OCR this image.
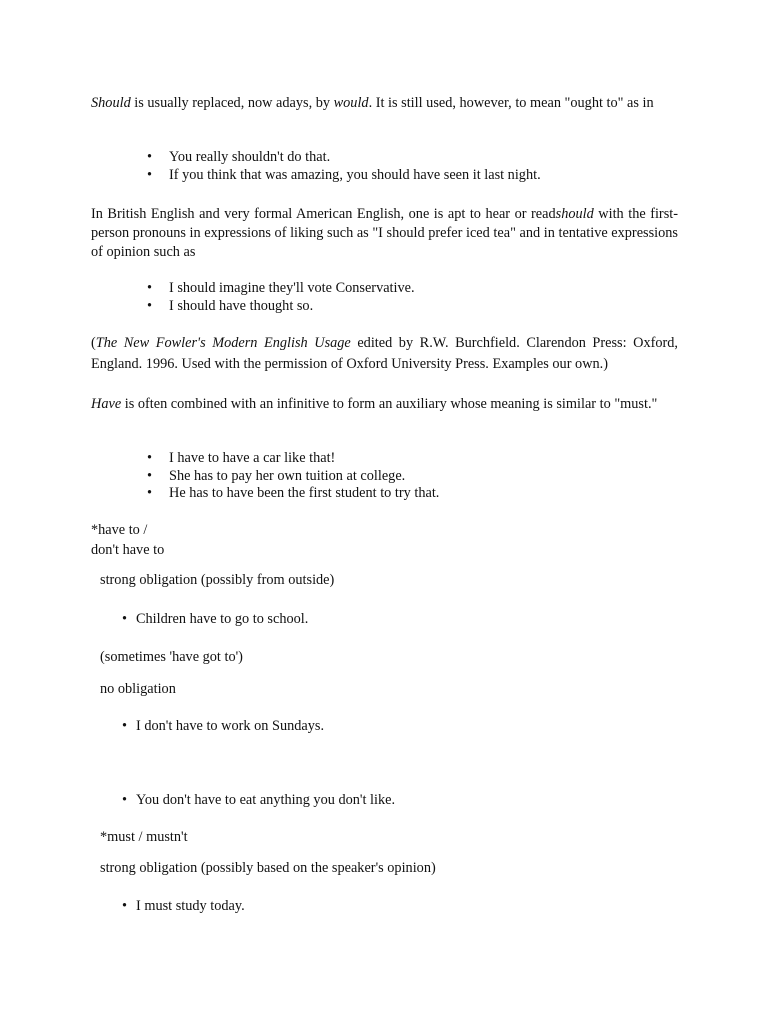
Should is usually replaced, now adays, by would. It is still used, however, to mean "ought to" as in

• You really shouldn't do that.
• If you think that was amazing, you should have seen it last night.

In British English and very formal American English, one is apt to hear or readshould with the first-person pronouns in expressions of liking such as "I should prefer iced tea" and in tentative expressions of opinion such as

• I should imagine they'll vote Conservative.
• I should have thought so.

(The New Fowler's Modern English Usage edited by R.W. Burchfield. Clarendon Press: Oxford, England. 1996. Used with the permission of Oxford University Press. Examples our own.)

Have is often combined with an infinitive to form an auxiliary whose meaning is similar to "must."

• I have to have a car like that!
• She has to pay her own tuition at college.
• He has to have been the first student to try that.

*have to /

don't have to

strong obligation (possibly from outside)

• Children have to go to school.

(sometimes 'have got to')

no obligation

• I don't have to work on Sundays.
• You don't have to eat anything you don't like.

*must / mustn't

strong obligation (possibly based on the speaker's opinion)

• I must study today.
